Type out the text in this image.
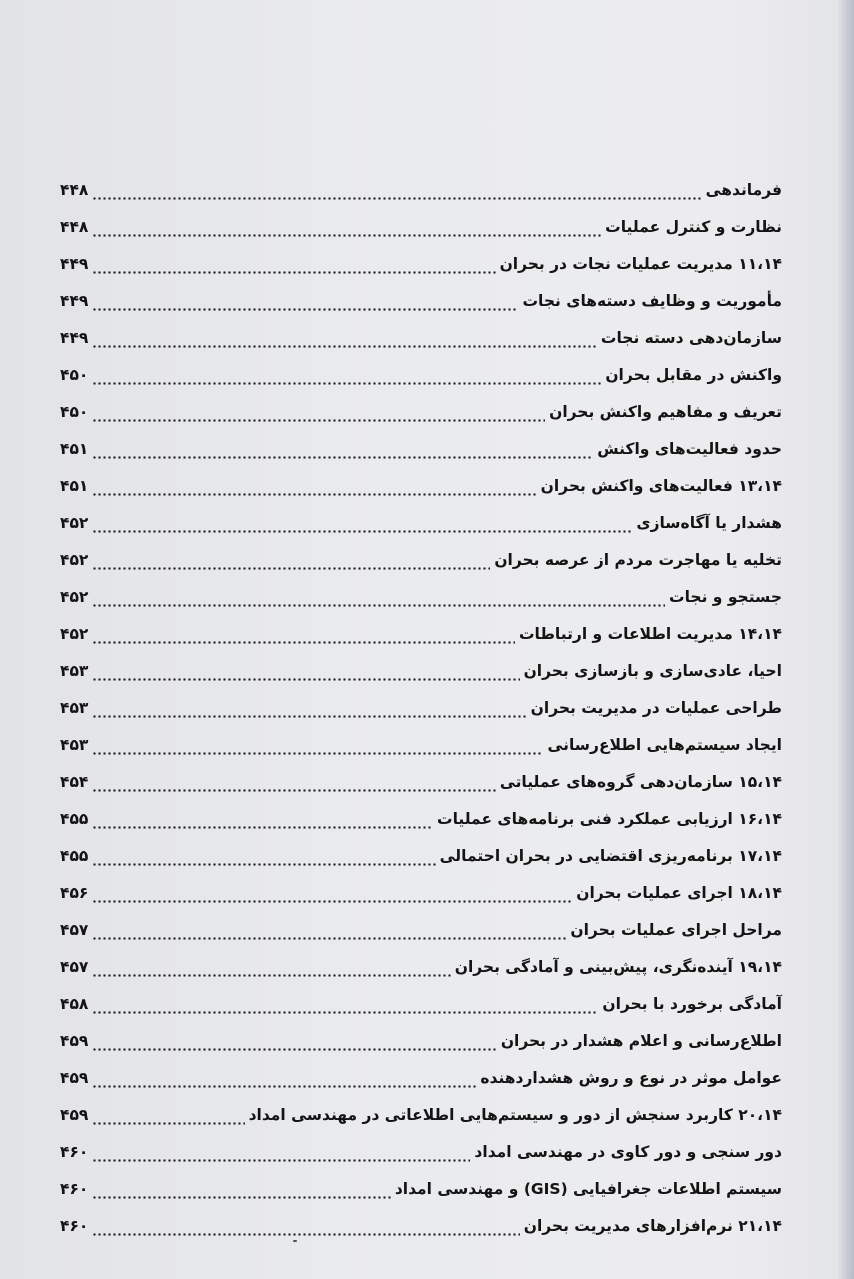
فرماندهی
۴۴۸
نظارت و کنترل عملیات
۴۴۸
۱۱،۱۴ مدیریت عملیات نجات در بحران
۴۴۹
مأموریت و وظایف دسته‌های نجات
۴۴۹
سازمان‌دهی دسته نجات
۴۴۹
واکنش در مقابل بحران
۴۵۰
تعریف و مفاهیم واکنش بحران
۴۵۰
حدود فعالیت‌های واکنش
۴۵۱
۱۳،۱۴ فعالیت‌های واکنش بحران
۴۵۱
هشدار یا آگاه‌سازی
۴۵۲
تخلیه یا مهاجرت مردم از عرصه بحران
۴۵۲
جستجو و نجات
۴۵۲
۱۴،۱۴ مدیریت اطلاعات و ارتباطات
۴۵۲
احیا، عادی‌سازی و بازسازی بحران
۴۵۳
طراحی عملیات در مدیریت بحران
۴۵۳
ایجاد سیستم‌هایی اطلاع‌رسانی
۴۵۳
۱۵،۱۴ سازمان‌دهی گروه‌های عملیاتی
۴۵۴
۱۶،۱۴ ارزیابی عملکرد فنی برنامه‌های عملیات
۴۵۵
۱۷،۱۴ برنامه‌ریزی اقتضایی در بحران احتمالی
۴۵۵
۱۸،۱۴ اجرای عملیات بحران
۴۵۶
مراحل اجرای عملیات بحران
۴۵۷
۱۹،۱۴ آینده‌نگری، پیش‌بینی و آمادگی بحران
۴۵۷
آمادگی برخورد با بحران
۴۵۸
اطلاع‌رسانی و اعلام هشدار در بحران
۴۵۹
عوامل موثر در نوع و روش هشداردهنده
۴۵۹
۲۰،۱۴ کاربرد سنجش از دور و سیستم‌هایی اطلاعاتی در مهندسی امداد
۴۵۹
دور سنجی و دور کاوی در مهندسی امداد
۴۶۰
سیستم اطلاعات جغرافیایی (GIS) و مهندسی امداد
۴۶۰
۲۱،۱۴ نرم‌افزارهای مدیریت بحران
۴۶۰
